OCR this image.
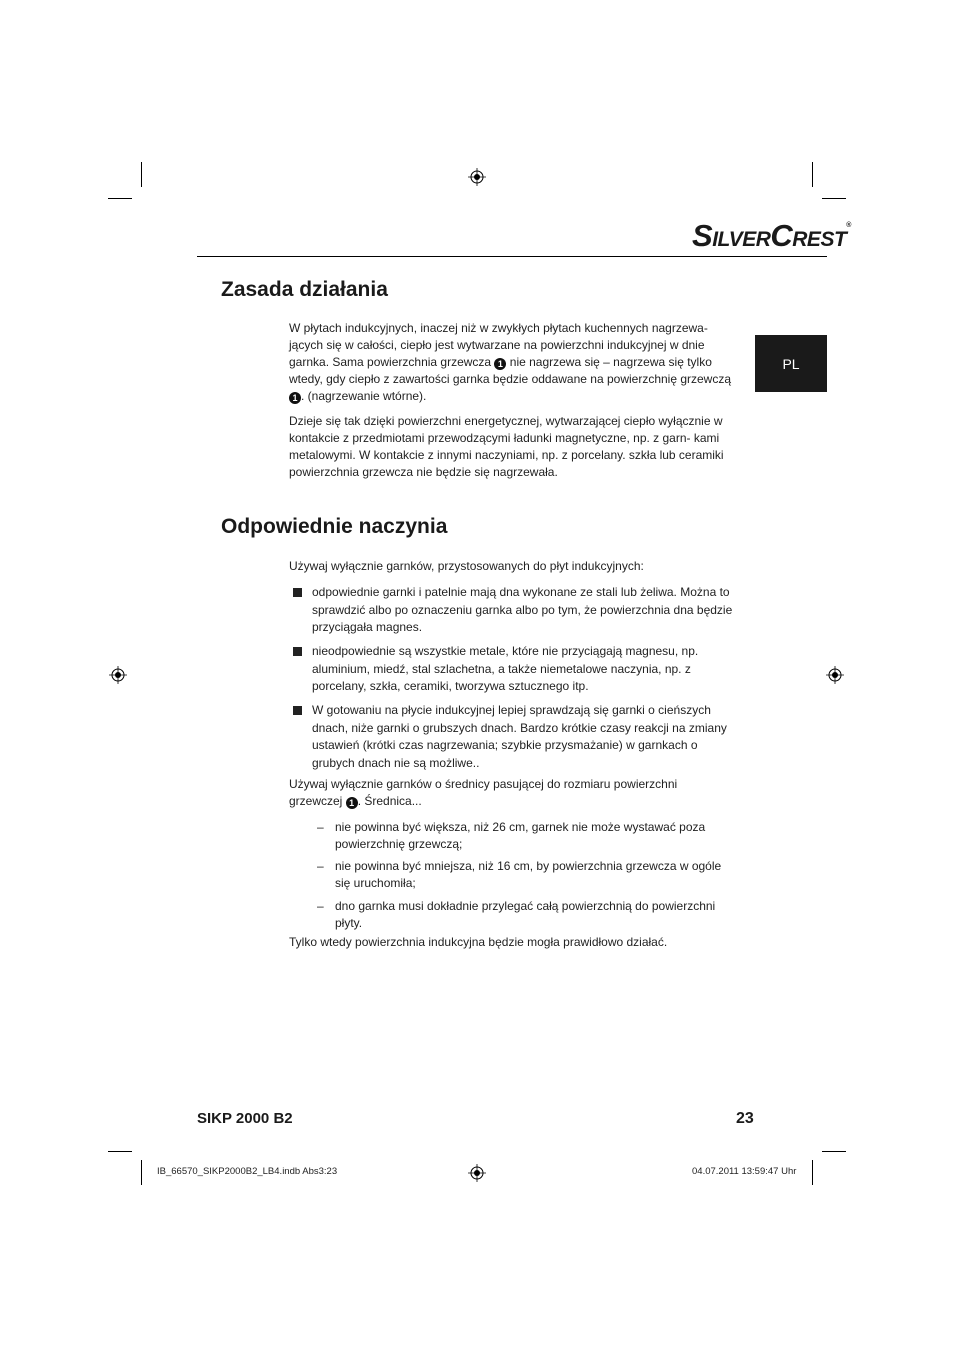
SILVERCREST®
PL
Zasada działania

W płytach indukcyjnych, inaczej niż w zwykłych płytach kuchennych nagrzewa- jących się w całości, ciepło jest wytwarzane na powierzchni indukcyjnej w dnie garnka. Sama powierzchnia grzewcza 1 nie nagrzewa się – nagrzewa się tylko wtedy, gdy ciepło z zawartości garnka będzie oddawane na powierzchnię grzewczą 1 . (nagrzewanie wtórne).

Dzieje się tak dzięki powierzchni energetycznej, wytwarzającej ciepło wyłącznie w kontakcie z przedmiotami przewodzącymi ładunki magnetyczne, np. z garn- kami metalowymi. W kontakcie z innymi naczyniami, np. z porcelany. szkła lub ceramiki powierzchnia grzewcza nie będzie się nagrzewała.
Odpowiednie naczynia
Używaj wyłącznie garnków, przystosowanych do płyt indukcyjnych:
odpowiednie garnki i patelnie mają dna wykonane ze stali lub żeliwa. Można to sprawdzić albo po oznaczeniu garnka albo po tym, że powierzchnia dna będzie przyciągała magnes.
nieodpowiednie są wszystkie metale, które nie przyciągają magnesu, np. aluminium, miedź, stal szlachetna, a także niemetalowe naczynia, np. z porcelany, szkła, ceramiki, tworzywa sztucznego itp.
W gotowaniu na płycie indukcyjnej lepiej sprawdzają się garnki o cieńszych dnach, niże garnki o grubszych dnach. Bardzo krótkie czasy reakcji na zmiany ustawień (krótki czas nagrzewania; szybkie przysmażanie) w garnkach o grubych dnach nie są możliwe..

Używaj wyłącznie garnków o średnicy pasującej do rozmiaru powierzchni grzewczej 1 . Średnica...

– nie powinna być większa, niż 26 cm, garnek nie może wystawać poza powierzchnię grzewczą;
– nie powinna być mniejsza, niż 16 cm, by powierzchnia grzewcza w ogóle się uruchomiła;
– dno garnka musi dokładnie przylegać całą powierzchnią do powierzchni płyty.
Tylko wtedy powierzchnia indukcyjna będzie mogła prawidłowo działać.
SIKP 2000 B2	23
IB_66570_SIKP2000B2_LB4.indb Abs3:23	04.07.2011 13:59:47 Uhr
